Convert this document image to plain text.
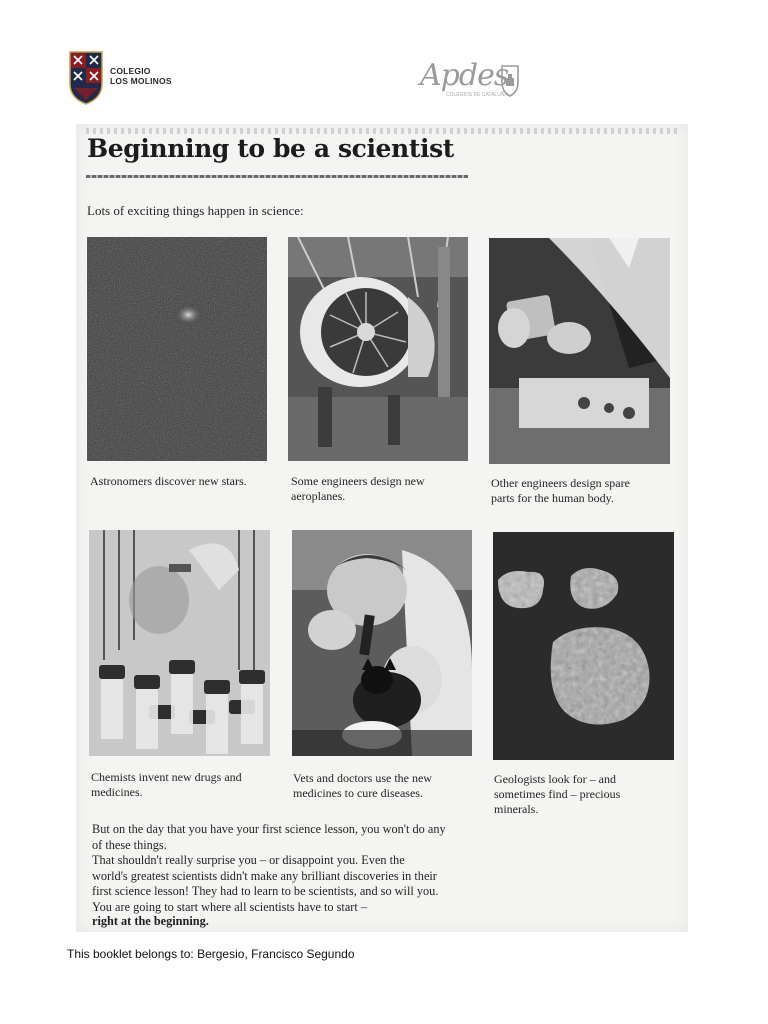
COLEGIO
LOS MOLINOS
COLEGIOS DE CATALUÑA
Apdes
Beginning to be a scientist
Lots of exciting things happen in science:
Astronomers discover new stars.	Some engineers design new
aeroplanes.
Other engineers design spare
parts for the human body.
Chemists invent new drugs and
medicines.
Vets and doctors use the new
medicines to cure diseases.
Geologists look for – and
sometimes find – precious
minerals.

But on the day that you have your first science lesson, you won't do any

of these things.

That shouldn't really surprise you – or disappoint you. Even the

world's greatest scientists didn't make any brilliant discoveries in their

first science lesson! They had to learn to be scientists, and so will you.

You are going to start where all scientists have to start –

right at the beginning.
This booklet belongs to: Bergesio, Francisco Segundo
